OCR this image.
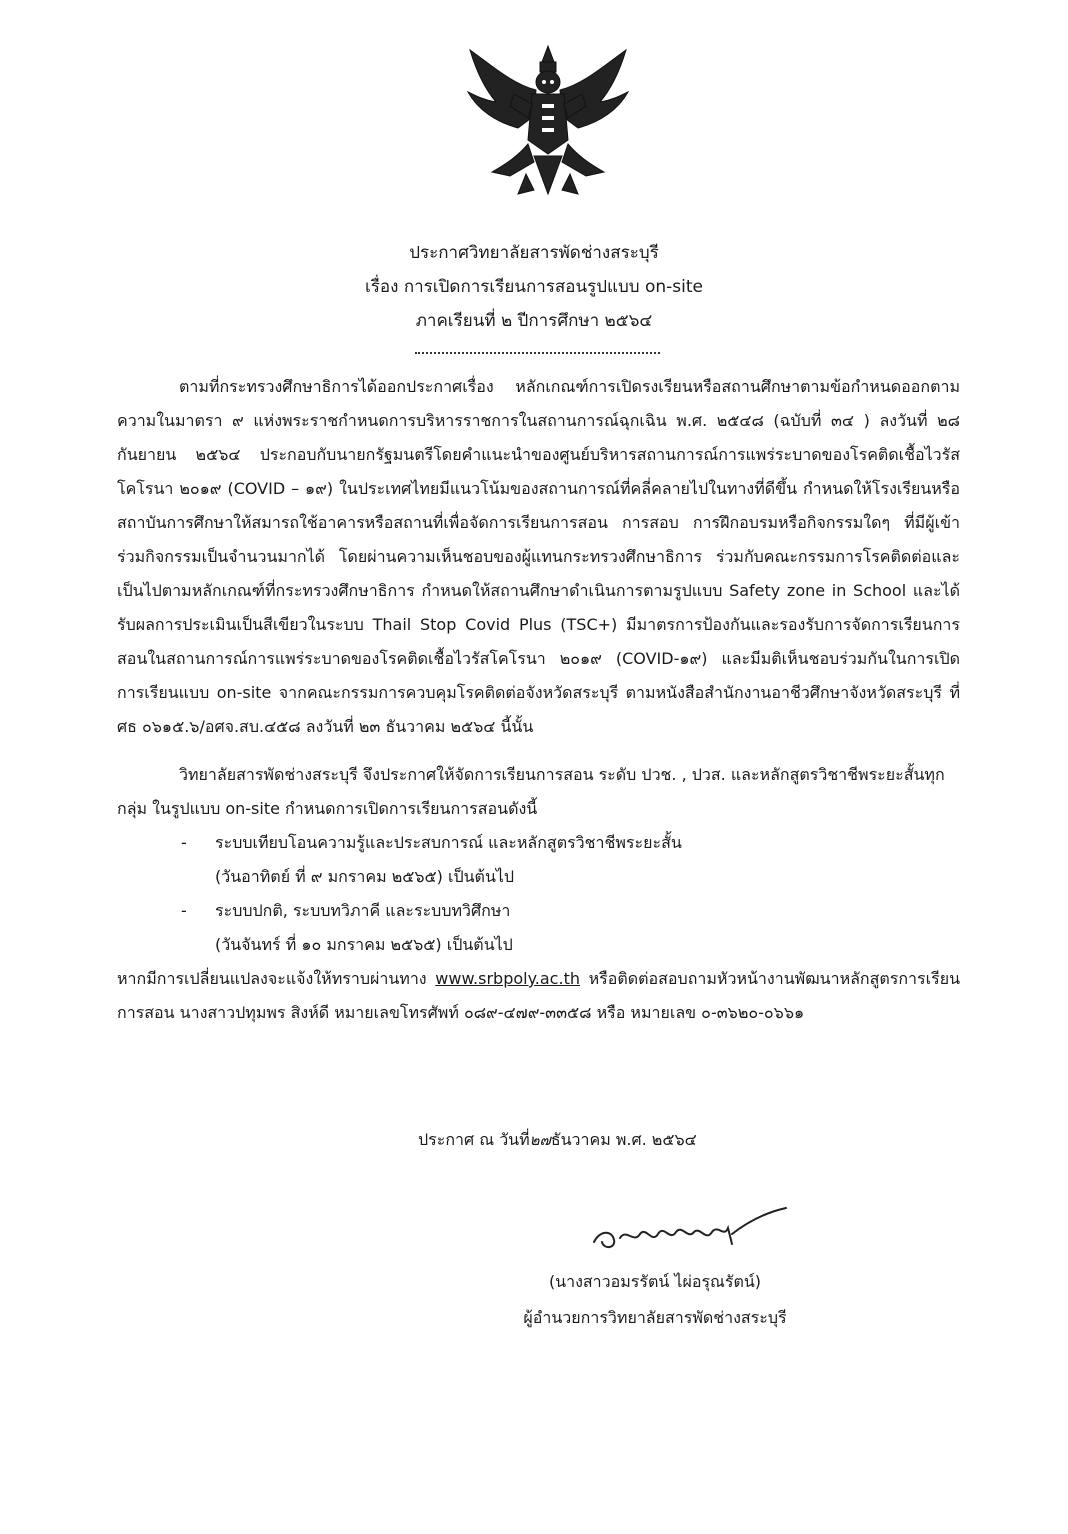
ประกาศวิทยาลัยสารพัดช่างสระบุรี
เรื่อง การเปิดการเรียนการสอนรูปแบบ on-site
ภาคเรียนที่ ๒ ปีการศึกษา ๒๕๖๔

ตามที่กระทรวงศึกษาธิการได้ออกประกาศเรื่อง หลักเกณฑ์การเปิดรงเรียนหรือสถานศึกษาตามข้อกำหนดออกตามความในมาตรา ๙ แห่งพระราชกำหนดการบริหารราชการในสถานการณ์ฉุกเฉิน พ.ศ. ๒๕๔๘ (ฉบับที่ ๓๔ ) ลงวันที่ ๒๘ กันยายน ๒๕๖๔ ประกอบกับนายกรัฐมนตรีโดยคำแนะนำของศูนย์บริหารสถานการณ์การแพร่ระบาดของโรคติดเชื้อไวรัสโคโรนา ๒๐๑๙ (COVID – ๑๙) ในประเทศไทยมีแนวโน้มของสถานการณ์ที่คลี่คลายไปในทางที่ดีขึ้น กำหนดให้โรงเรียนหรือสถาบันการศึกษาให้สมารถใช้อาคารหรือสถานที่เพื่อจัดการเรียนการสอน การสอบ การฝึกอบรมหรือกิจกรรมใดๆ ที่มีผู้เข้าร่วมกิจกรรมเป็นจำนวนมากได้ โดยผ่านความเห็นชอบของผู้แทนกระทรวงศึกษาธิการ ร่วมกับคณะกรรมการโรคติดต่อและเป็นไปตามหลักเกณฑ์ที่กระทรวงศึกษาธิการ กำหนดให้สถานศึกษาดำเนินการตามรูปแบบ Safety zone in School และได้รับผลการประเมินเป็นสีเขียวในระบบ Thail Stop Covid Plus (TSC+) มีมาตรการป้องกันและรองรับการจัดการเรียนการสอนในสถานการณ์การแพร่ระบาดของโรคติดเชื้อไวรัสโคโรนา ๒๐๑๙ (COVID-๑๙) และมีมติเห็นชอบร่วมกันในการเปิดการเรียนแบบ on-site จากคณะกรรมการควบคุมโรคติดต่อจังหวัดสระบุรี ตามหนังสือสำนักงานอาชีวศึกษาจังหวัดสระบุรี ที่ ศธ ๐๖๑๕.๖/อศจ.สบ.๔๕๘ ลงวันที่ ๒๓ ธันวาคม ๒๕๖๔ นี้นั้น

วิทยาลัยสารพัดช่างสระบุรี จึงประกาศให้จัดการเรียนการสอน ระดับ ปวช. , ปวส. และหลักสูตรวิชาชีพระยะสั้นทุกกลุ่ม ในรูปแบบ on-site กำหนดการเปิดการเรียนการสอนดังนี้

-	ระบบเทียบโอนความรู้และประสบการณ์ และหลักสูตรวิชาชีพระยะสั้น
(วันอาทิตย์ ที่ ๙ มกราคม ๒๕๖๕) เป็นต้นไป
-	ระบบปกติ, ระบบทวิภาคี และระบบทวิศึกษา
(วันจันทร์ ที่ ๑๐ มกราคม ๒๕๖๕) เป็นต้นไป

หากมีการเปลี่ยนแปลงจะแจ้งให้ทราบผ่านทาง www.srbpoly.ac.th หรือติดต่อสอบถามหัวหน้างานพัฒนาหลักสูตรการเรียนการสอน นางสาวปทุมพร สิงห์ดี หมายเลขโทรศัพท์ ๐๘๙-๔๗๙-๓๓๕๘ หรือ หมายเลข ๐-๓๖๒๐-๐๖๖๑

ประกาศ ณ วันที่๒๗ธันวาคม พ.ศ. ๒๕๖๔
(นางสาวอมรรัตน์ ไผ่อรุณรัตน์)
ผู้อำนวยการวิทยาลัยสารพัดช่างสระบุรี
